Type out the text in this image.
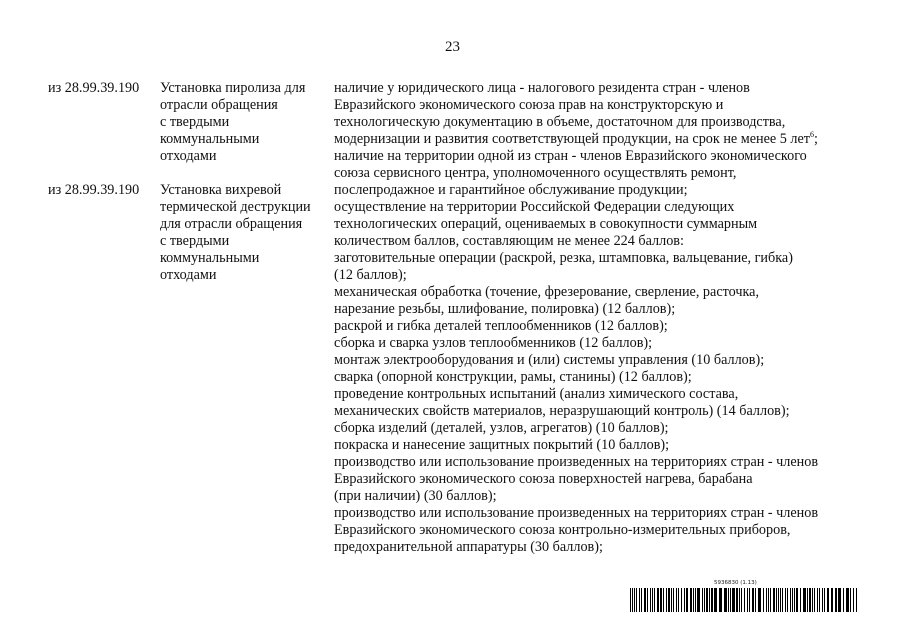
23
из 28.99.39.190 Установка пиролиза для
отрасли обращения
с твердыми
коммунальными
отходами
из 28.99.39.190 Установка вихревой
термической деструкции
для отрасли обращения
с твердыми
коммунальными
отходами
наличие у юридического лица - налогового резидента стран - членов
Евразийского экономического союза прав на конструкторскую и
технологическую документацию в объеме, достаточном для производства,
модернизации и развития соответствующей продукции, на срок не менее 5 лет$^6$;
наличие на территории одной из стран - членов Евразийского экономического
союза сервисного центра, уполномоченного осуществлять ремонт,
послепродажное и гарантийное обслуживание продукции;
осуществление на территории Российской Федерации следующих
технологических операций, оцениваемых в совокупности суммарным
количеством баллов, составляющим не менее 224 баллов:
заготовительные операции (раскрой, резка, штамповка, вальцевание, гибка)
(12 баллов);
механическая обработка (точение, фрезерование, сверление, расточка,
нарезание резьбы, шлифование, полировка) (12 баллов);
раскрой и гибка деталей теплообменников (12 баллов);
сборка и сварка узлов теплообменников (12 баллов);
монтаж электрооборудования и (или) системы управления (10 баллов);
сварка (опорной конструкции, рамы, станины) (12 баллов);
проведение контрольных испытаний (анализ химического состава,
механических свойств материалов, неразрушающий контроль) (14 баллов);
сборка изделий (деталей, узлов, агрегатов) (10 баллов);
покраска и нанесение защитных покрытий (10 баллов);
производство или использование произведенных на территориях стран - членов
Евразийского экономического союза поверхностей нагрева, барабана
(при наличии) (30 баллов);
производство или использование произведенных на территориях стран - членов
Евразийского экономического союза контрольно-измерительных приборов,
предохранительной аппаратуры (30 баллов);
5936830 (1.13)
